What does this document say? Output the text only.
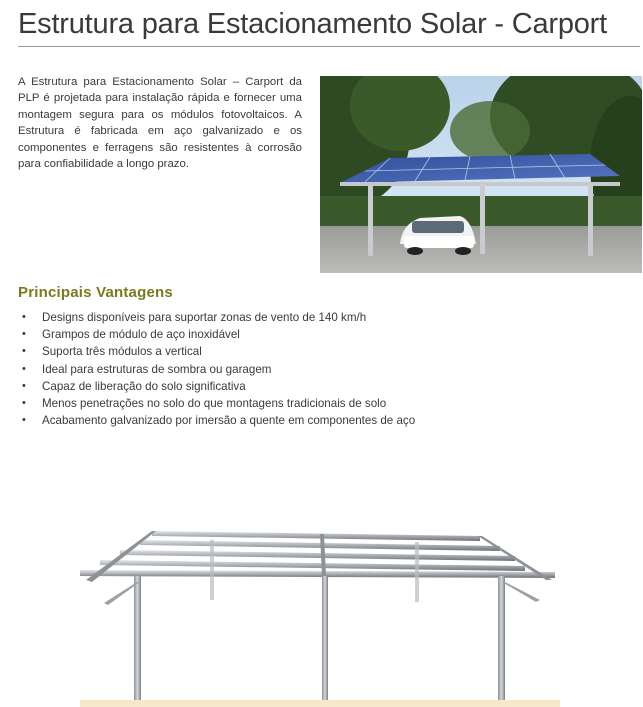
Estrutura para Estacionamento Solar - Carport

A Estrutura para Estacionamento Solar – Carport da PLP é projetada para instalação rápida e fornecer uma montagem segura para os módulos fotovoltaicos. A Estrutura é fabricada em aço galvanizado e os componentes e ferragens são resistentes à corrosão para confiabilidade a longo prazo.

Principais Vantagens
• Designs disponíveis para suportar zonas de vento de 140 km/h
• Grampos de módulo de aço inoxidável
• Suporta três módulos a vertical
• Ideal para estruturas de sombra ou garagem
• Capaz de liberação do solo significativa
• Menos penetrações no solo do que montagens tradicionais de solo
• Acabamento galvanizado por imersão a quente em componentes de aço
